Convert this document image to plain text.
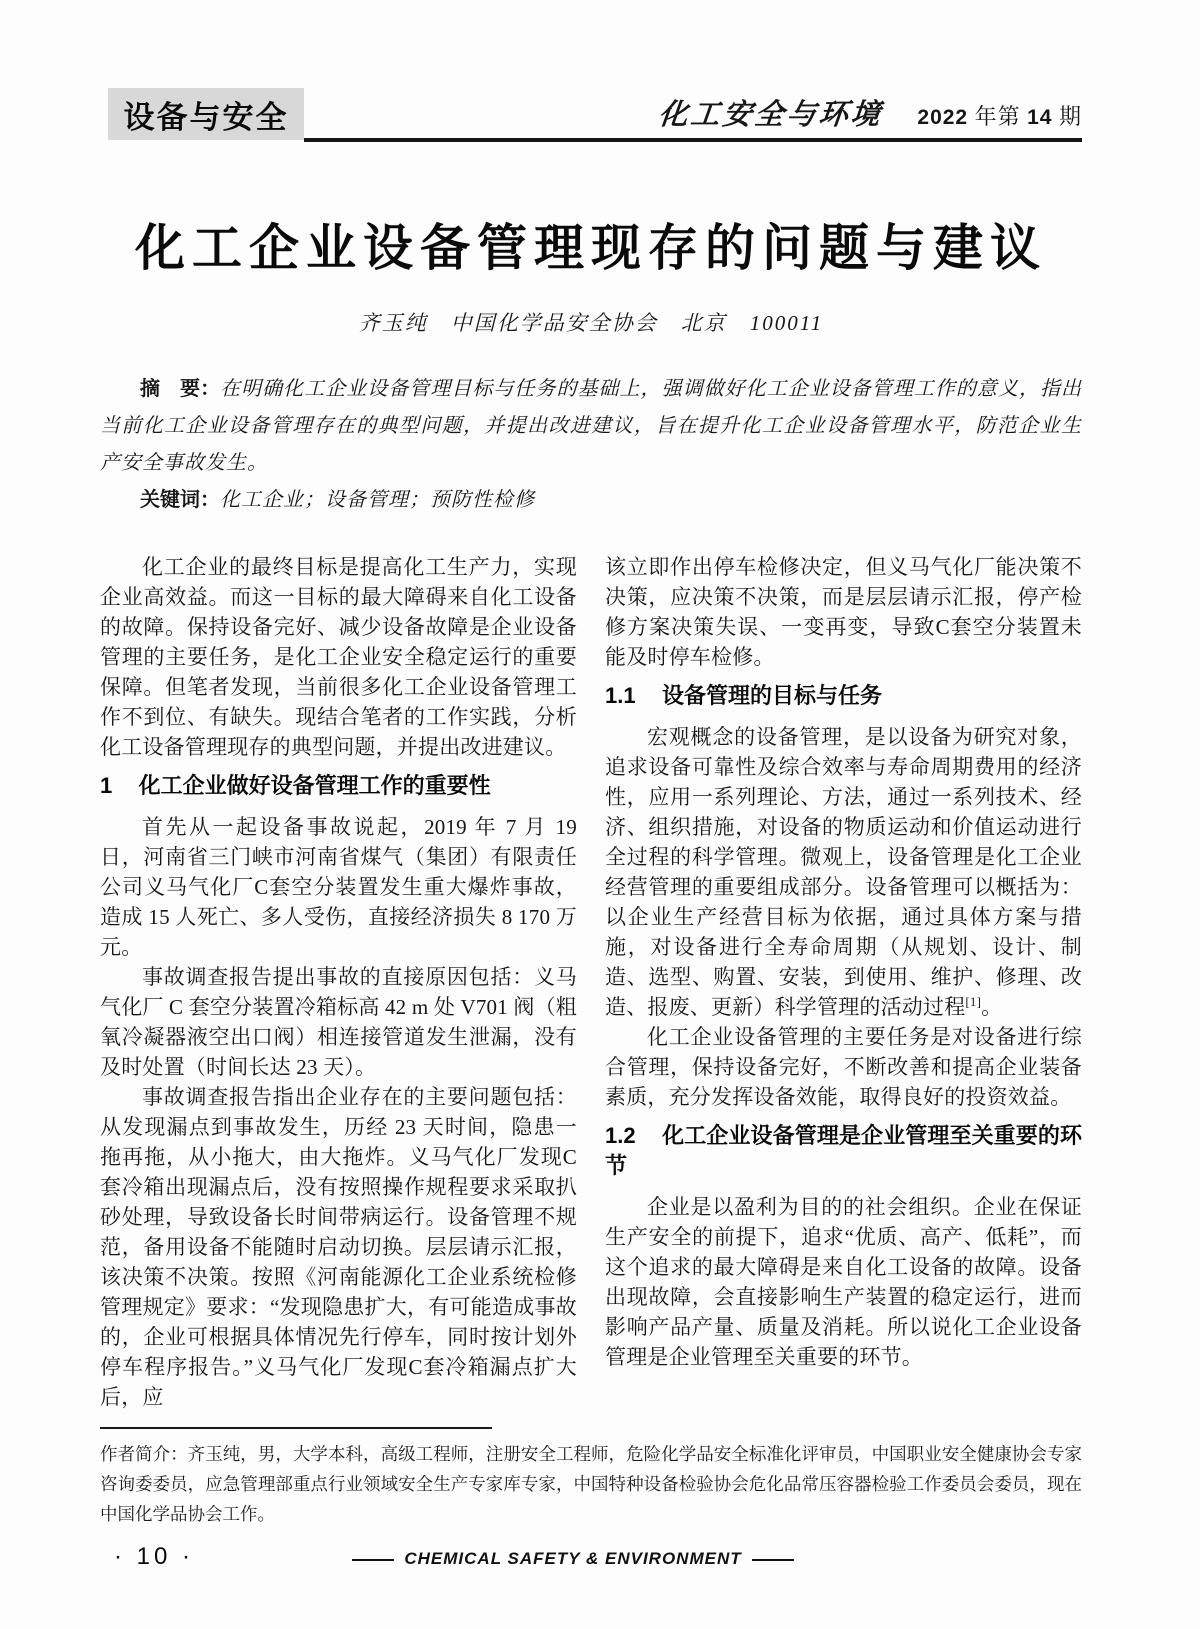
设备与安全	化工安全与环境 2022 年第 14 期
化工企业设备管理现存的问题与建议
齐玉纯　中国化学品安全协会　北京　100011

摘　要：在明确化工企业设备管理目标与任务的基础上，强调做好化工企业设备管理工作的意义，指出当前化工企业设备管理存在的典型问题，并提出改进建议，旨在提升化工企业设备管理水平，防范企业生产安全事故发生。

关键词：化工企业；设备管理；预防性检修

化工企业的最终目标是提高化工生产力，实现企业高效益。而这一目标的最大障碍来自化工设备的故障。保持设备完好、减少设备故障是企业设备管理的主要任务，是化工企业安全稳定运行的重要保障。但笔者发现，当前很多化工企业设备管理工作不到位、有缺失。现结合笔者的工作实践，分析化工设备管理现存的典型问题，并提出改进建议。

1 化工企业做好设备管理工作的重要性

首先从一起设备事故说起，2019 年 7 月 19 日，河南省三门峡市河南省煤气（集团）有限责任公司义马气化厂C套空分装置发生重大爆炸事故，造成 15 人死亡、多人受伤，直接经济损失 8 170 万元。

事故调查报告提出事故的直接原因包括：义马气化厂 C 套空分装置冷箱标高 42 m 处 V701 阀（粗氧冷凝器液空出口阀）相连接管道发生泄漏，没有及时处置（时间长达 23 天）。

事故调查报告指出企业存在的主要问题包括：从发现漏点到事故发生，历经 23 天时间，隐患一拖再拖，从小拖大，由大拖炸。义马气化厂发现C套冷箱出现漏点后，没有按照操作规程要求采取扒砂处理，导致设备长时间带病运行。设备管理不规范，备用设备不能随时启动切换。层层请示汇报，该决策不决策。按照《河南能源化工企业系统检修管理规定》要求：“发现隐患扩大，有可能造成事故的，企业可根据具体情况先行停车，同时按计划外停车程序报告。”义马气化厂发现C套冷箱漏点扩大后，应

该立即作出停车检修决定，但义马气化厂能决策不决策，应决策不决策，而是层层请示汇报，停产检修方案决策失误、一变再变，导致C套空分装置未能及时停车检修。

1.1 设备管理的目标与任务

宏观概念的设备管理，是以设备为研究对象，追求设备可靠性及综合效率与寿命周期费用的经济性，应用一系列理论、方法，通过一系列技术、经济、组织措施，对设备的物质运动和价值运动进行全过程的科学管理。微观上，设备管理是化工企业经营管理的重要组成部分。设备管理可以概括为：以企业生产经营目标为依据，通过具体方案与措施，对设备进行全寿命周期（从规划、设计、制造、选型、购置、安装，到使用、维护、修理、改造、报废、更新）科学管理的活动过程[1]。

化工企业设备管理的主要任务是对设备进行综合管理，保持设备完好，不断改善和提高企业装备素质，充分发挥设备效能，取得良好的投资效益。

1.2 化工企业设备管理是企业管理至关重要的环节

企业是以盈利为目的的社会组织。企业在保证生产安全的前提下，追求“优质、高产、低耗”，而这个追求的最大障碍是来自化工设备的故障。设备出现故障，会直接影响生产装置的稳定运行，进而影响产品产量、质量及消耗。所以说化工企业设备管理是企业管理至关重要的环节。

作者简介：齐玉纯，男，大学本科，高级工程师，注册安全工程师，危险化学品安全标准化评审员，中国职业安全健康协会专家咨询委委员，应急管理部重点行业领域安全生产专家库专家，中国特种设备检验协会危化品常压容器检验工作委员会委员，现在中国化学品协会工作。

· 10 ·	CHEMICAL SAFETY & ENVIRONMENT
